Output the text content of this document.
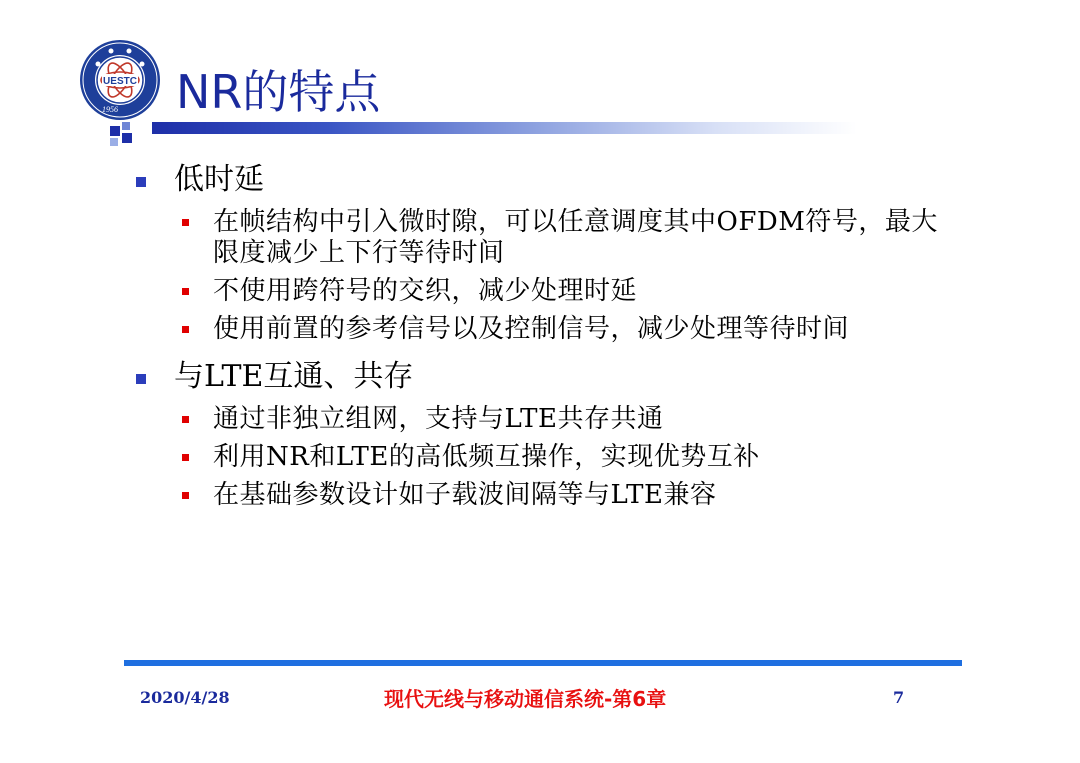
UESTC
1956 NR的特点
低时延
在帧结构中引入微时隙，可以任意调度其中OFDM符号，最大限度减少上下行等待时间
不使用跨符号的交织，减少处理时延
使用前置的参考信号以及控制信号，减少处理等待时间
与LTE互通、共存
通过非独立组网，支持与LTE共存共通
利用NR和LTE的高低频互操作，实现优势互补
在基础参数设计如子载波间隔等与LTE兼容
2020/4/28	现代无线与移动通信系统-第6章	7
